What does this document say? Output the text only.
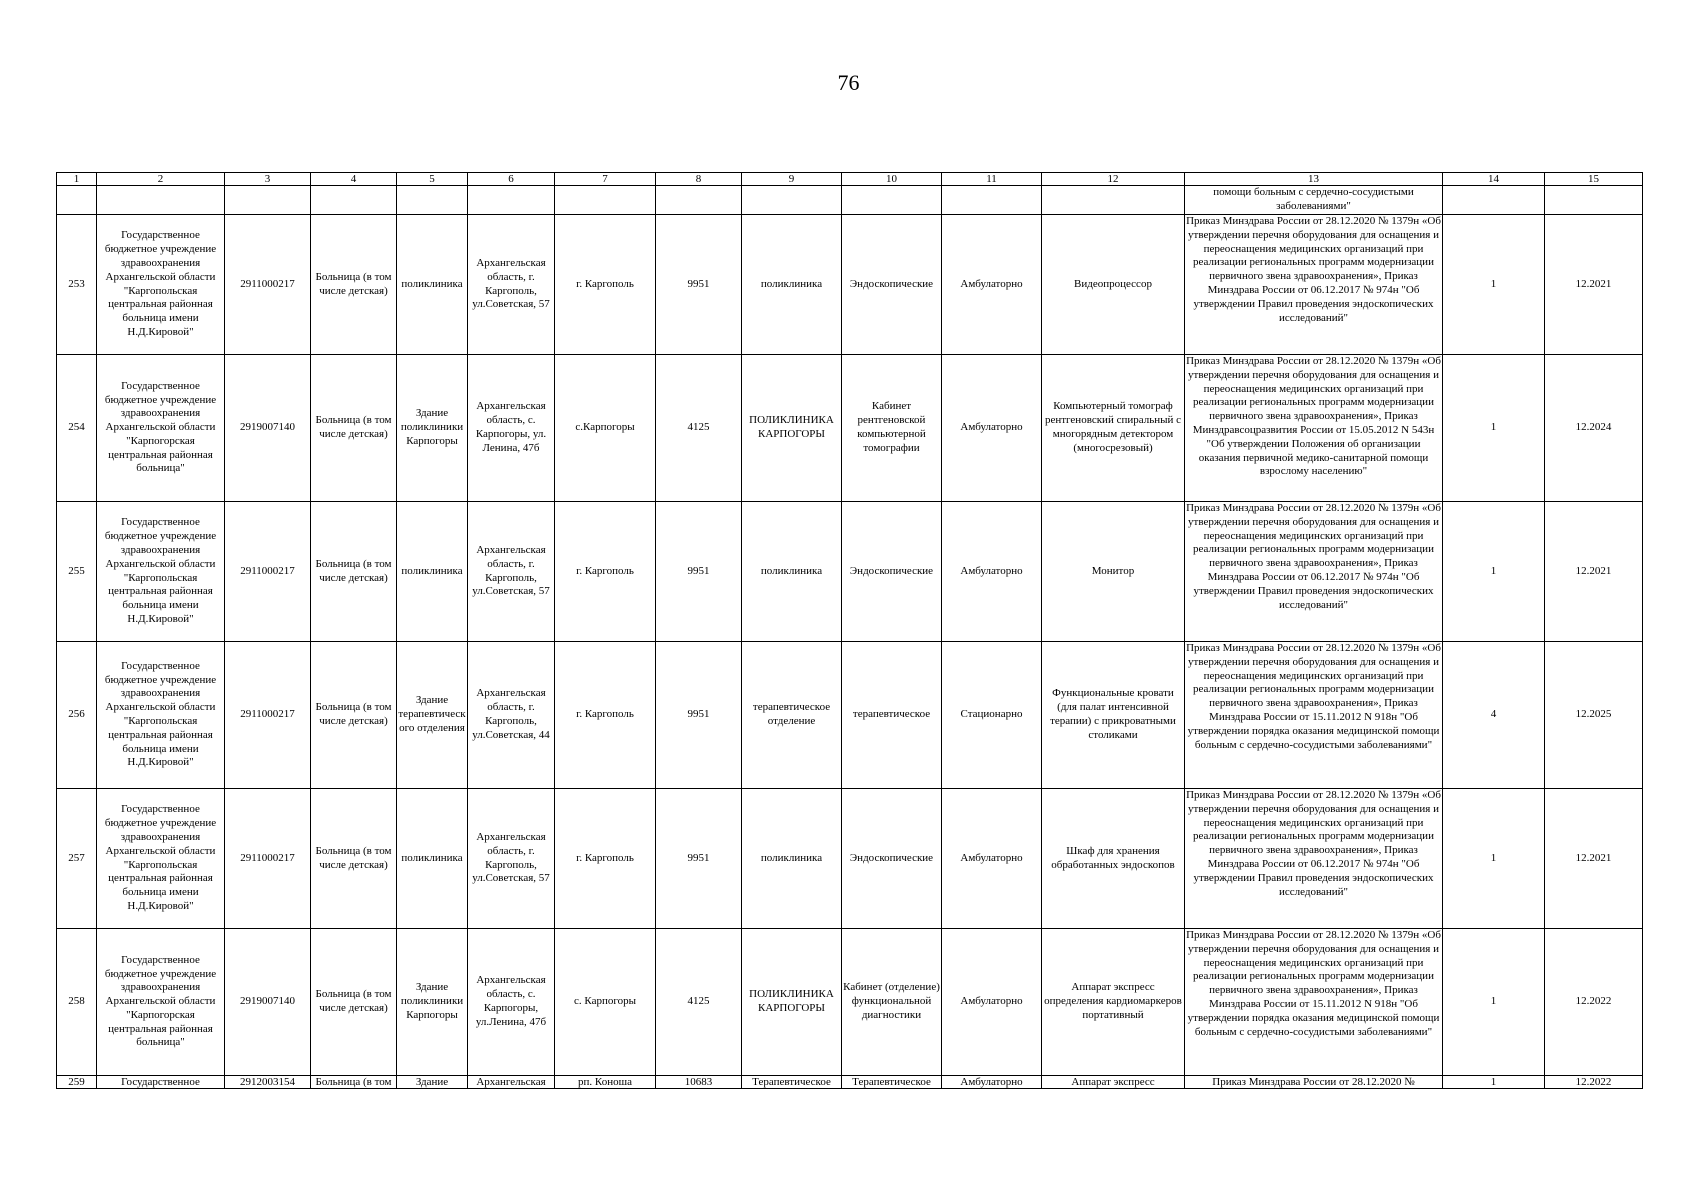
76
1	2	3	4	5	6	7	8	9	10	11	12	13	14	15
												помощи больным с сердечно-сосудистыми заболеваниями"		
253	Государственное бюджетное учреждение здравоохранения Архангельской области "Каргопольская центральная районная больница имени Н.Д.Кировой"	2911000217	Больница (в том числе детская)	поликлиника	Архангельская область, г. Каргополь, ул.Советская, 57	г. Каргополь	9951	поликлиника	Эндоскопические	Амбулаторно	Видеопроцессор	Приказ Минздрава России от 28.12.2020 № 1379н «Об утверждении перечня оборудования для оснащения и переоснащения медицинских организаций при реализации региональных программ модернизации первичного звена здравоохранения», Приказ Минздрава России от 06.12.2017 № 974н "Об утверждении Правил проведения эндоскопических исследований"	1	12.2021
254	Государственное бюджетное учреждение здравоохранения Архангельской области "Карпогорская центральная районная больница"	2919007140	Больница (в том числе детская)	Здание поликлиники Карпогоры	Архангельская область, с. Карпогоры, ул. Ленина, 47б	с.Карпогоры	4125	ПОЛИКЛИНИКА КАРПОГОРЫ	Кабинет рентгеновской компьютерной томографии	Амбулаторно	Компьютерный томограф рентгеновский спиральный с многорядным детектором (многосрезовый)	Приказ Минздрава России от 28.12.2020 № 1379н «Об утверждении перечня оборудования для оснащения и переоснащения медицинских организаций при реализации региональных программ модернизации первичного звена здравоохранения», Приказ Минздравсоцразвития России от 15.05.2012 N 543н "Об утверждении Положения об организации оказания первичной медико-санитарной помощи взрослому населению"	1	12.2024
255	Государственное бюджетное учреждение здравоохранения Архангельской области "Каргопольская центральная районная больница имени Н.Д.Кировой"	2911000217	Больница (в том числе детская)	поликлиника	Архангельская область, г. Каргополь, ул.Советская, 57	г. Каргополь	9951	поликлиника	Эндоскопические	Амбулаторно	Монитор	Приказ Минздрава России от 28.12.2020 № 1379н «Об утверждении перечня оборудования для оснащения и переоснащения медицинских организаций при реализации региональных программ модернизации первичного звена здравоохранения», Приказ Минздрава России от 06.12.2017 № 974н "Об утверждении Правил проведения эндоскопических исследований"	1	12.2021
256	Государственное бюджетное учреждение здравоохранения Архангельской области "Каргопольская центральная районная больница имени Н.Д.Кировой"	2911000217	Больница (в том числе детская)	Здание терапевтического отделения	Архангельская область, г. Каргополь, ул.Советская, 44	г. Каргополь	9951	терапевтическое отделение	терапевтическое	Стационарно	Функциональные кровати (для палат интенсивной терапии) с прикроватными столиками	Приказ Минздрава России от 28.12.2020 № 1379н «Об утверждении перечня оборудования для оснащения и переоснащения медицинских организаций при реализации региональных программ модернизации первичного звена здравоохранения», Приказ Минздрава России от 15.11.2012 N 918н "Об утверждении порядка оказания медицинской помощи больным с сердечно-сосудистыми заболеваниями"	4	12.2025
257	Государственное бюджетное учреждение здравоохранения Архангельской области "Каргопольская центральная районная больница имени Н.Д.Кировой"	2911000217	Больница (в том числе детская)	поликлиника	Архангельская область, г. Каргополь, ул.Советская, 57	г. Каргополь	9951	поликлиника	Эндоскопические	Амбулаторно	Шкаф для хранения обработанных эндоскопов	Приказ Минздрава России от 28.12.2020 № 1379н «Об утверждении перечня оборудования для оснащения и переоснащения медицинских организаций при реализации региональных программ модернизации первичного звена здравоохранения», Приказ Минздрава России от 06.12.2017 № 974н "Об утверждении Правил проведения эндоскопических исследований"	1	12.2021
258	Государственное бюджетное учреждение здравоохранения Архангельской области "Карпогорская центральная районная больница"	2919007140	Больница (в том числе детская)	Здание поликлиники Карпогоры	Архангельская область, с. Карпогоры, ул.Ленина, 47б	с. Карпогоры	4125	ПОЛИКЛИНИКА КАРПОГОРЫ	Кабинет (отделение) функциональной диагностики	Амбулаторно	Аппарат экспресс определения кардиомаркеров портативный	Приказ Минздрава России от 28.12.2020 № 1379н «Об утверждении перечня оборудования для оснащения и переоснащения медицинских организаций при реализации региональных программ модернизации первичного звена здравоохранения», Приказ Минздрава России от 15.11.2012 N 918н "Об утверждении порядка оказания медицинской помощи больным с сердечно-сосудистыми заболеваниями"	1	12.2022
259	Государственное	2912003154	Больница (в том	Здание	Архангельская	рп. Коноша	10683	Терапевтическое	Терапевтическое	Амбулаторно	Аппарат экспресс	Приказ Минздрава России от 28.12.2020 №	1	12.2022
